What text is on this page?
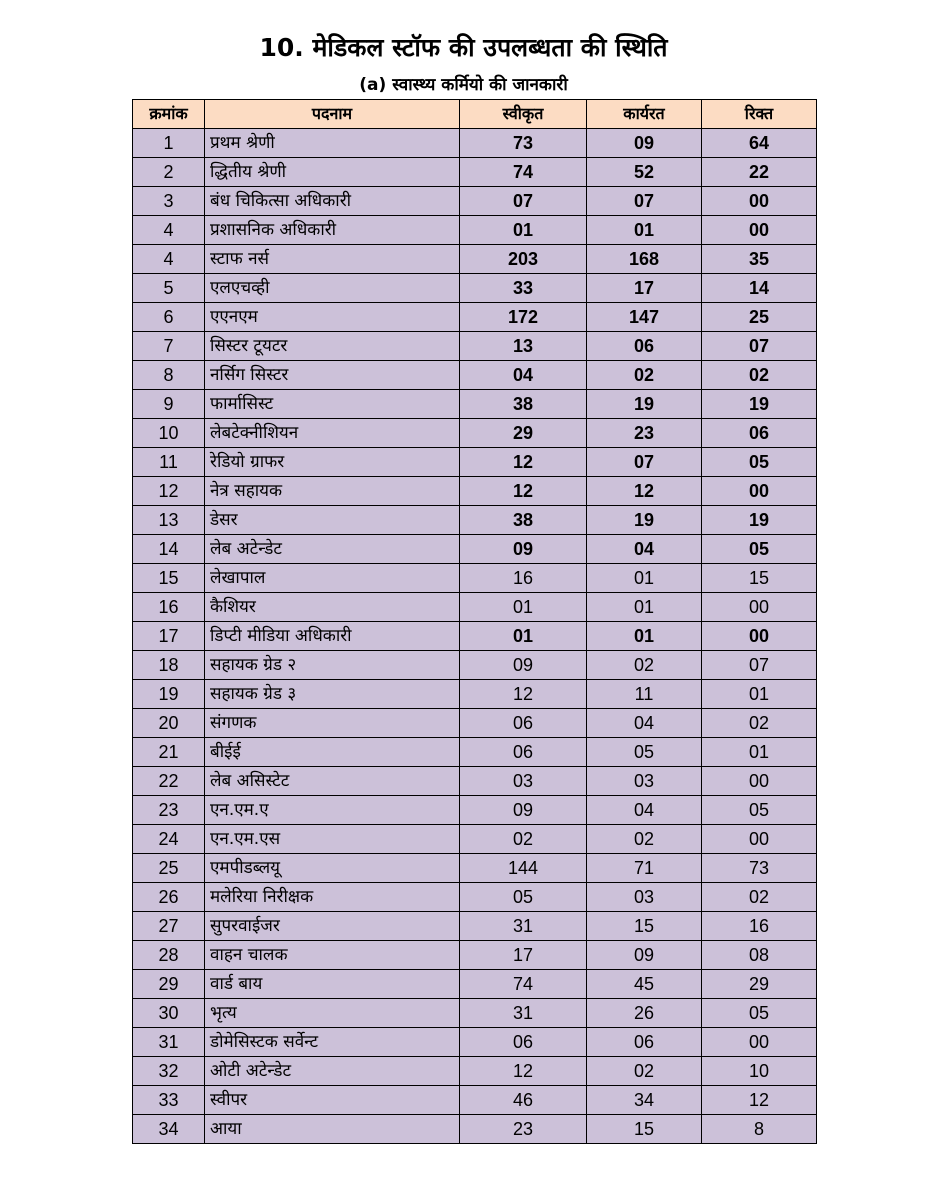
10. मेडिकल स्टॉफ की उपलब्धता की स्थिति
(a) स्वास्थ्य कर्मियो की जानकारी
क्रमांक	पदनाम	स्वीकृत	कार्यरत	रिक्त
1	प्रथम श्रेणी	73	09	64
2	द्धितीय श्रेणी	74	52	22
3	बंध चिकित्सा अधिकारी	07	07	00
4	प्रशासनिक अधिकारी	01	01	00
4	स्टाफ नर्स	203	168	35
5	एलएचव्ही	33	17	14
6	एएनएम	172	147	25
7	सिस्टर टूयटर	13	06	07
8	नर्सिग सिस्टर	04	02	02
9	फार्मासिस्ट	38	19	19
10	लेबटेक्नीशियन	29	23	06
11	रेडियो ग्राफर	12	07	05
12	नेत्र सहायक	12	12	00
13	डेसर	38	19	19
14	लेब अटेन्डेट	09	04	05
15	लेखापाल	16	01	15
16	कैशियर	01	01	00
17	डिप्टी मीडिया अधिकारी	01	01	00
18	सहायक ग्रेड २	09	02	07
19	सहायक ग्रेड ३	12	11	01
20	संगणक	06	04	02
21	बीईई	06	05	01
22	लेब असिस्टेट	03	03	00
23	एन.एम.ए	09	04	05
24	एन.एम.एस	02	02	00
25	एमपीडब्लयू	144	71	73
26	मलेरिया निरीक्षक	05	03	02
27	सुपरवाईजर	31	15	16
28	वाहन चालक	17	09	08
29	वार्ड बाय	74	45	29
30	भृत्य	31	26	05
31	डोमेसिस्टक सर्वेन्ट	06	06	00
32	ओटी अटेन्डेट	12	02	10
33	स्वीपर	46	34	12
34	आया	23	15	8
